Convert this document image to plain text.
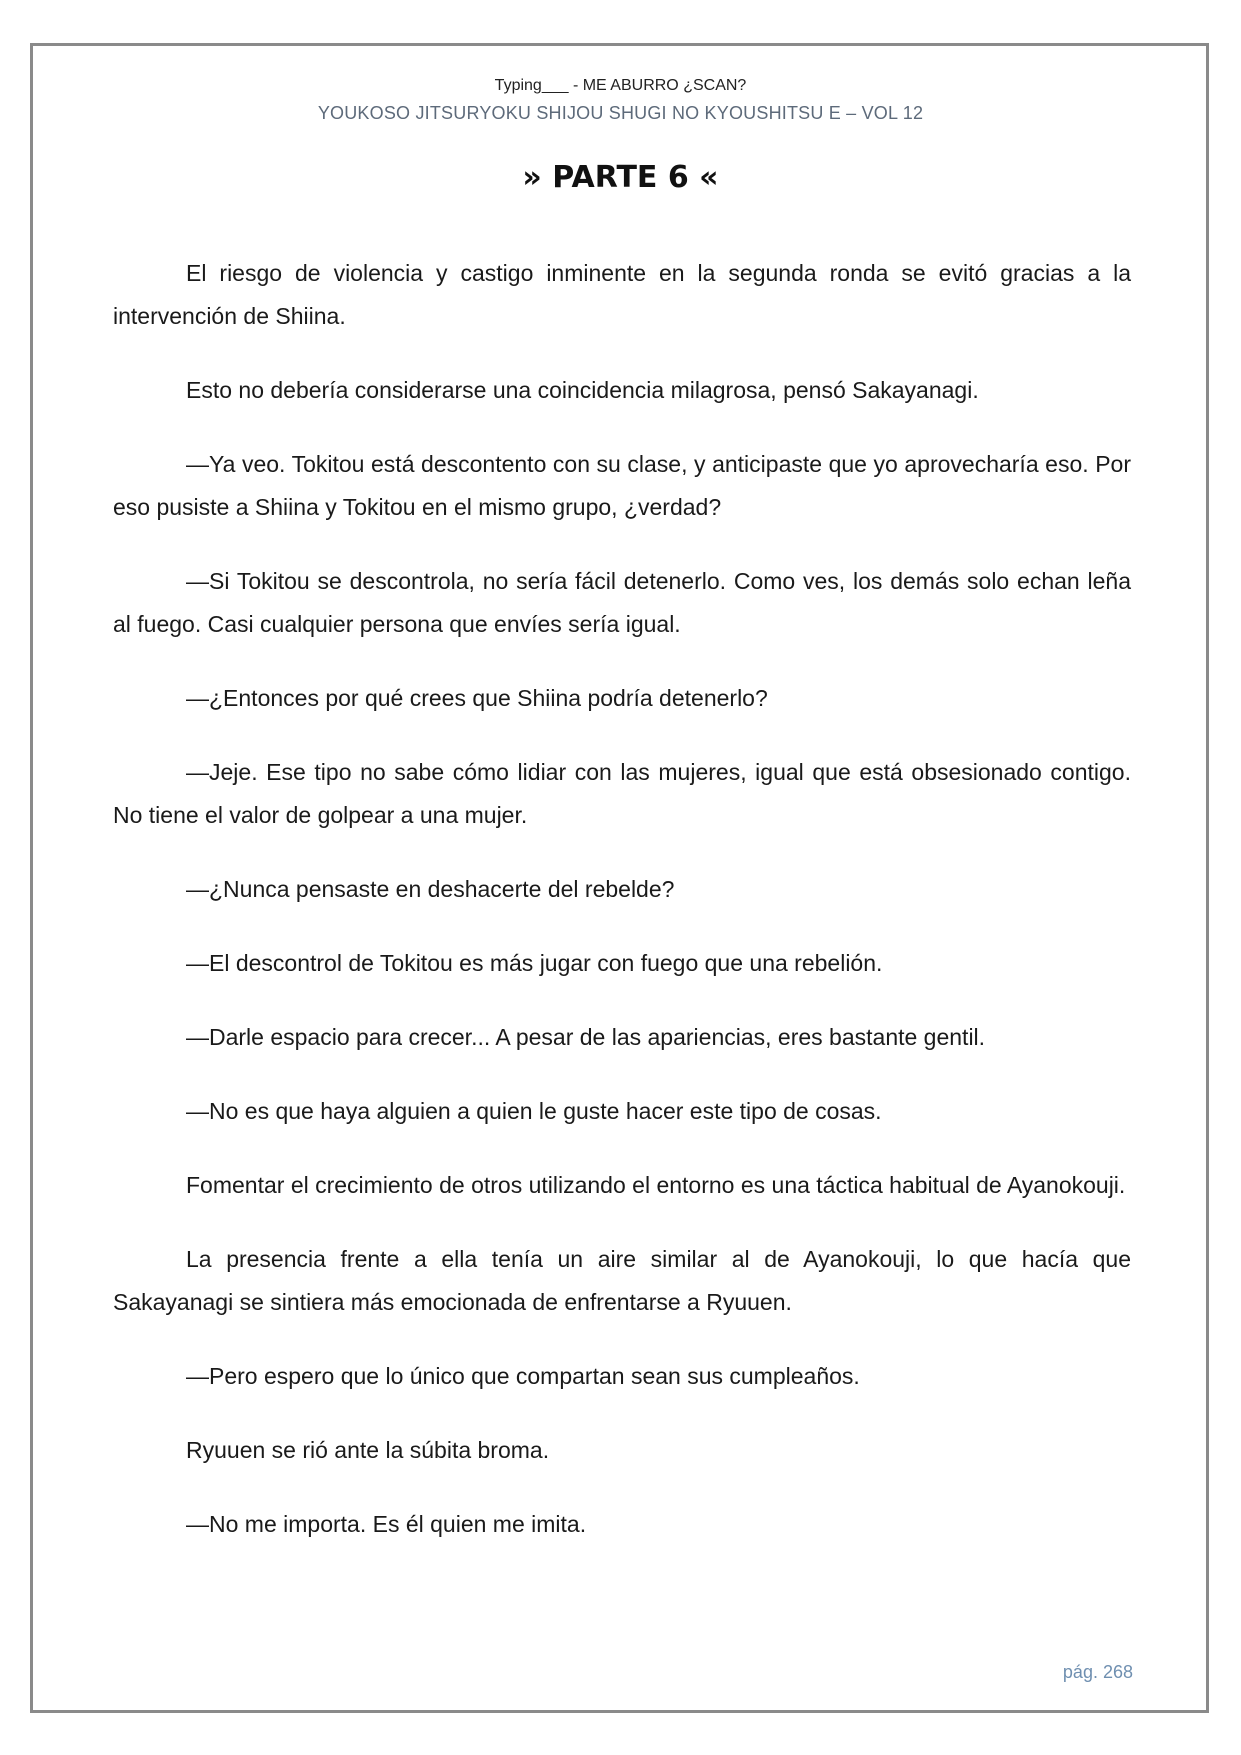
Typing___ - ME ABURRO ¿SCAN?
YOUKOSO JITSURYOKU SHIJOU SHUGI NO KYOUSHITSU E – VOL 12
» PARTE 6 «

El riesgo de violencia y castigo inminente en la segunda ronda se evitó gracias a la intervención de Shiina.

Esto no debería considerarse una coincidencia milagrosa, pensó Sakayanagi.

—Ya veo. Tokitou está descontento con su clase, y anticipaste que yo aprovecharía eso. Por eso pusiste a Shiina y Tokitou en el mismo grupo, ¿verdad?

—Si Tokitou se descontrola, no sería fácil detenerlo. Como ves, los demás solo echan leña al fuego. Casi cualquier persona que envíes sería igual.

—¿Entonces por qué crees que Shiina podría detenerlo?

—Jeje. Ese tipo no sabe cómo lidiar con las mujeres, igual que está obsesionado contigo. No tiene el valor de golpear a una mujer.

—¿Nunca pensaste en deshacerte del rebelde?

—El descontrol de Tokitou es más jugar con fuego que una rebelión.

—Darle espacio para crecer... A pesar de las apariencias, eres bastante gentil.

—No es que haya alguien a quien le guste hacer este tipo de cosas.

Fomentar el crecimiento de otros utilizando el entorno es una táctica habitual de Ayanokouji.

La presencia frente a ella tenía un aire similar al de Ayanokouji, lo que hacía que Sakayanagi se sintiera más emocionada de enfrentarse a Ryuuen.

—Pero espero que lo único que compartan sean sus cumpleaños.

Ryuuen se rió ante la súbita broma.

—No me importa. Es él quien me imita.

pág. 268
